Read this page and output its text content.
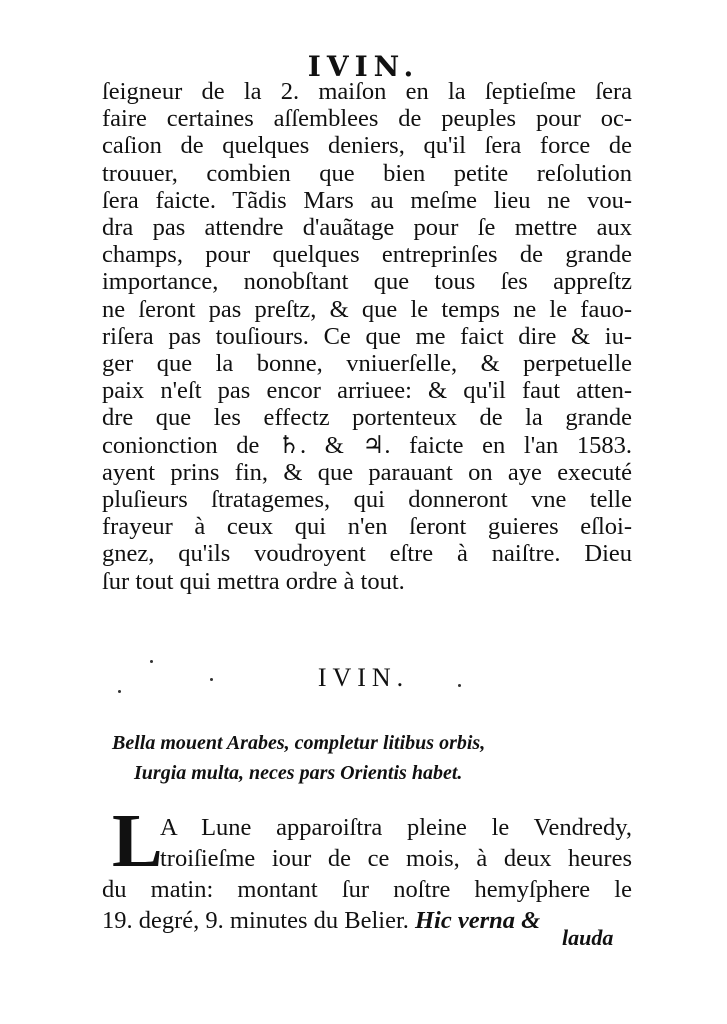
IVIN.
ſeigneur de la 2. maiſon en la ſeptieſme ſera
faire certaines aſſemblees de peuples pour oc-
caſion de quelques deniers, qu'il ſera force de
trouuer, combien que bien petite reſolution
ſera faicte. Tãdis Mars au meſme lieu ne vou-
dra pas attendre d'auãtage pour ſe mettre aux
champs, pour quelques entreprinſes de grande
importance, nonobſtant que tous ſes appreſtz
ne ſeront pas preſtz, & que le temps ne le fauo-
riſera pas touſiours. Ce que me faict dire & iu-
ger que la bonne, vniuerſelle, & perpetuelle
paix n'eſt pas encor arriuee: & qu'il faut atten-
dre que les effectz portenteux de la grande
conionction de ♄. & ♃. faicte en l'an 1583.
ayent prins fin, & que parauant on aye executé
pluſieurs ſtratagemes, qui donneront vne telle
frayeur à ceux qui n'en ſeront guieres eſloi-
gnez, qu'ils voudroyent eſtre à naiſtre. Dieu
ſur tout qui mettra ordre à tout.
IVIN.
Bella mouent Arabes, completur litibus orbis,
Iurgia multa, neces pars Orientis habet.
L
A Lune apparoiſtra pleine le Vendredy,
troiſieſme iour de ce mois, à deux heures
du matin: montant ſur noſtre hemyſphere le
19. degré, 9. minutes du Belier. Hic verna &
lauda
